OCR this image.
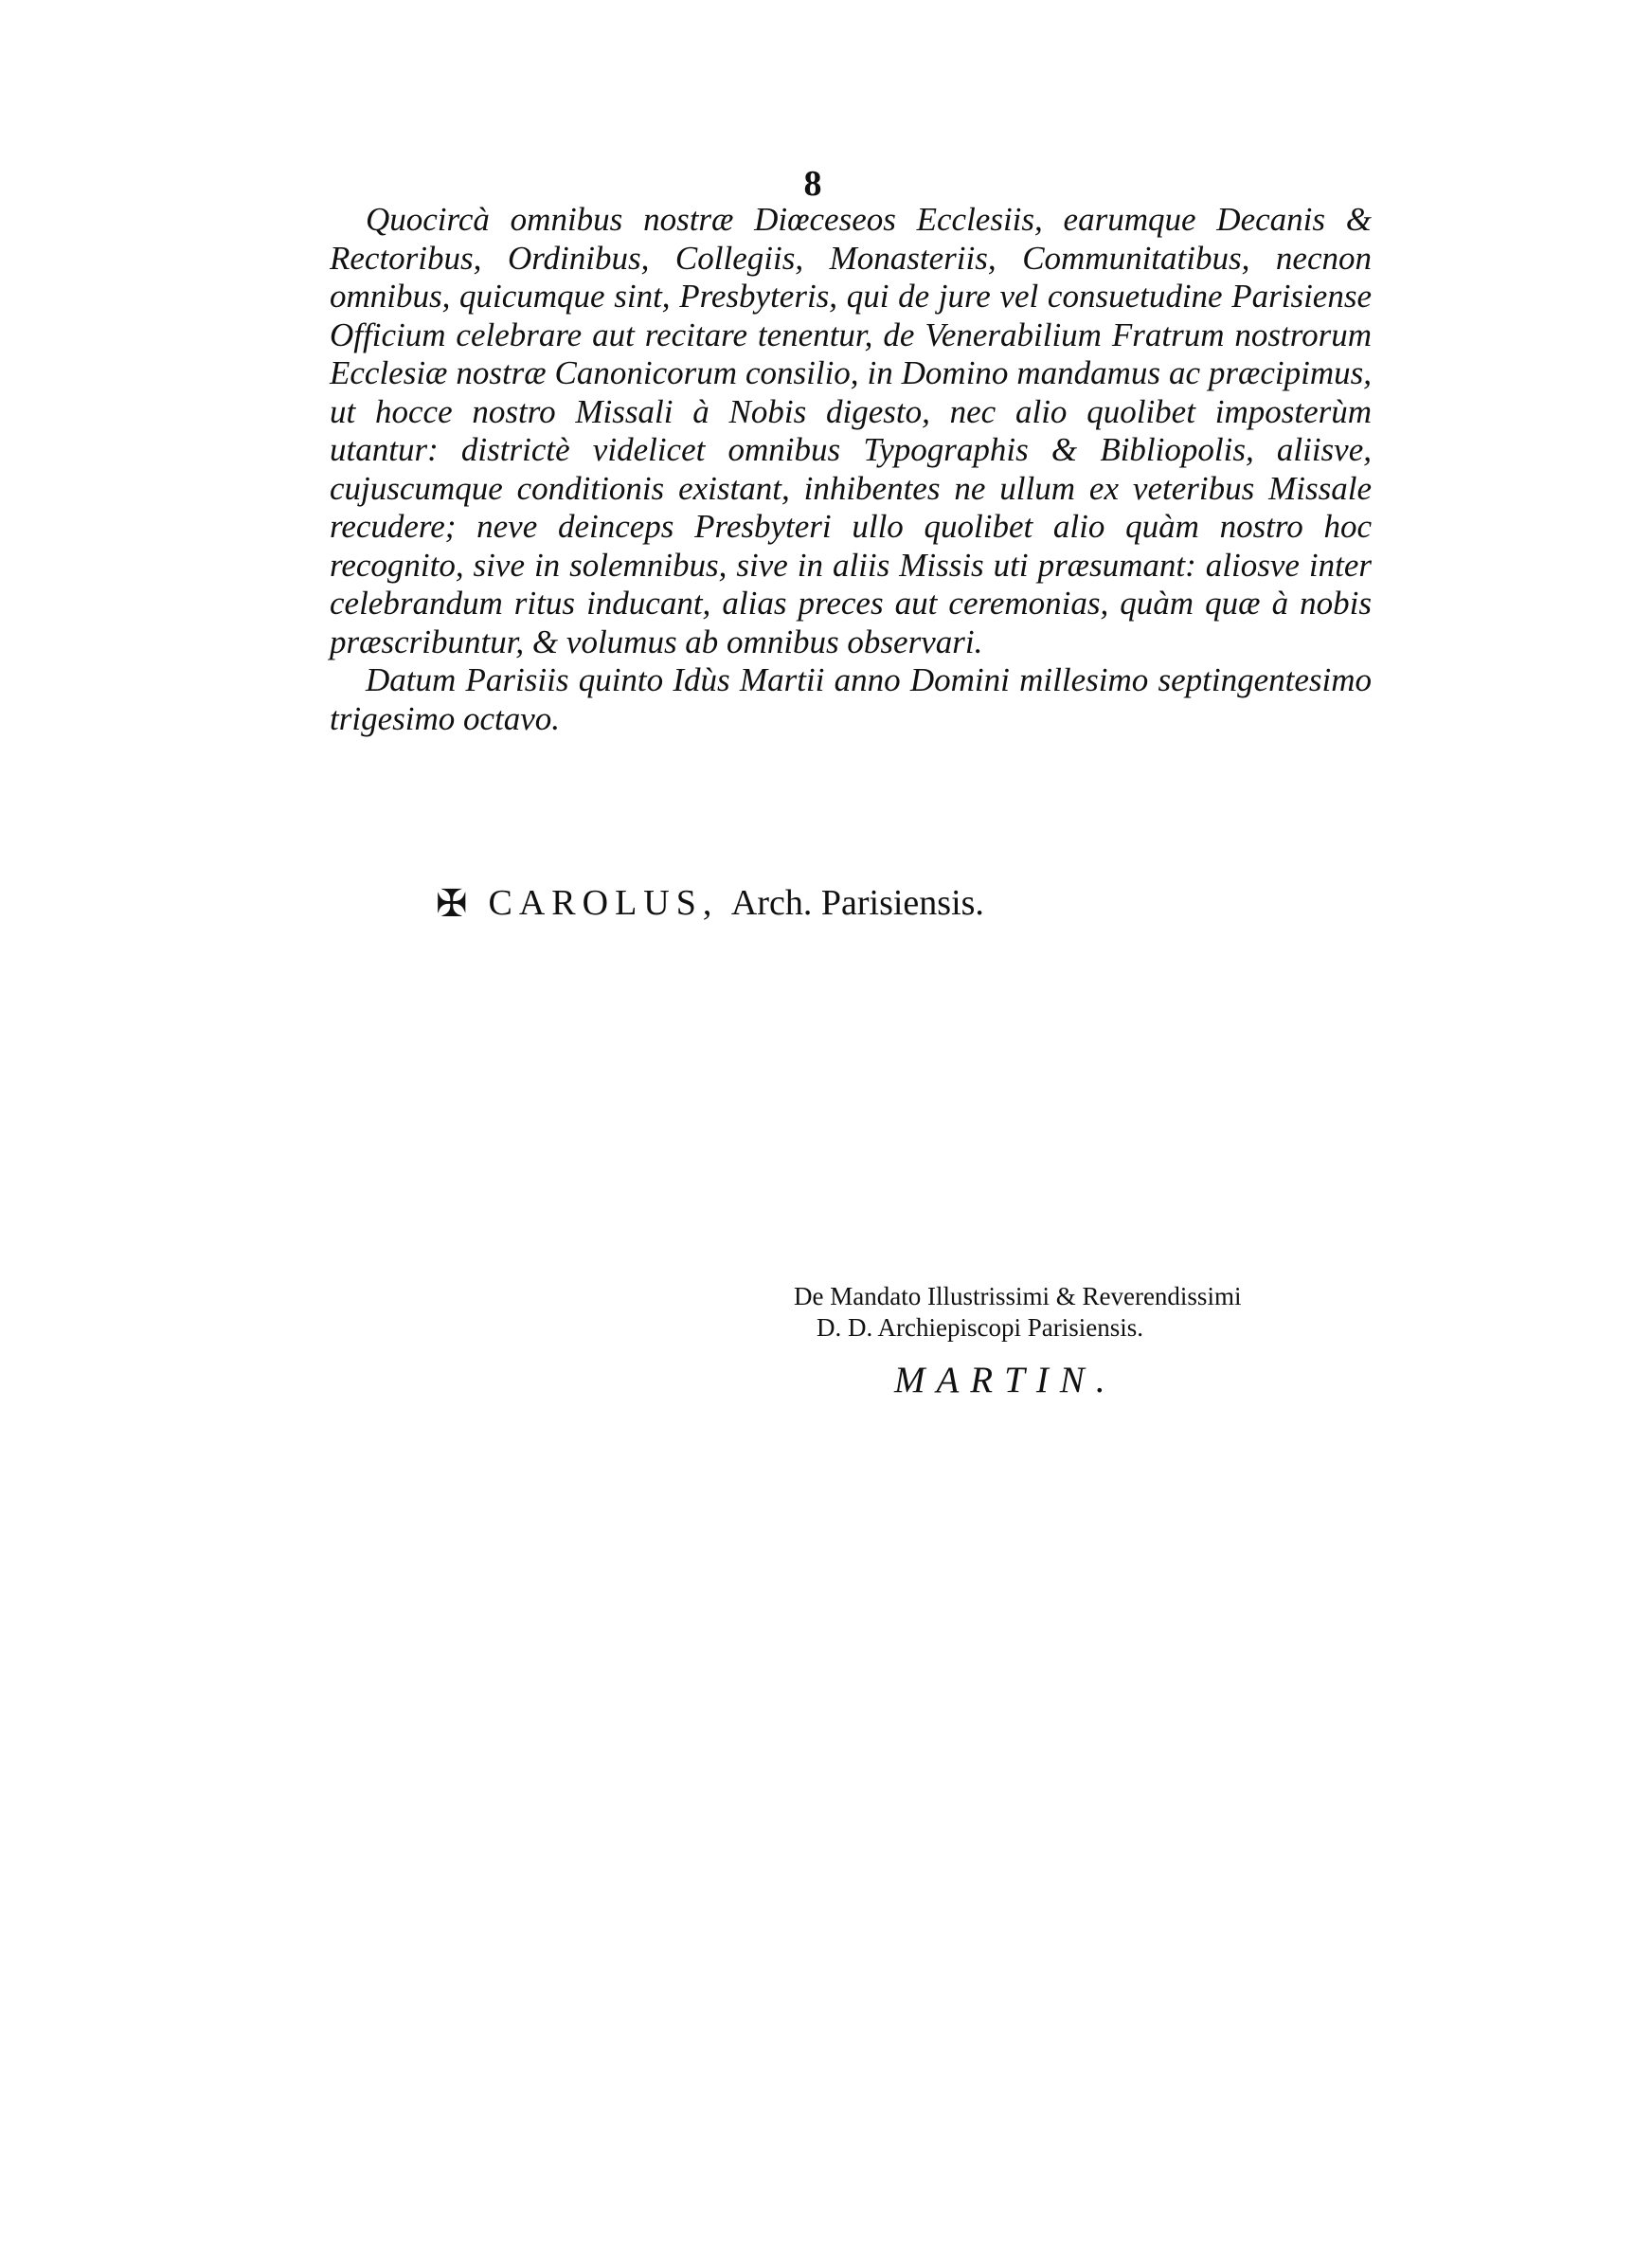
8

Quocircà omnibus nostræ Diœceseos Ecclesiis, earumque Decanis & Rectoribus, Ordinibus, Collegiis, Monasteriis, Communitatibus, necnon omnibus, quicumque sint, Presbyteris, qui de jure vel consuetudine Parisiense Officium celebrare aut recitare tenentur, de Venerabilium Fratrum nostrorum Ecclesiæ nostræ Canonicorum consilio, in Domino mandamus ac præcipimus, ut hocce nostro Missali à Nobis digesto, nec alio quolibet imposterùm utantur: districtè videlicet omnibus Typographis & Bibliopolis, aliisve, cujuscumque conditionis existant, inhibentes ne ullum ex veteribus Missale recudere; neve deinceps Presbyteri ullo quolibet alio quàm nostro hoc recognito, sive in solemnibus, sive in aliis Missis uti præsumant: aliosve inter celebrandum ritus inducant, alias preces aut ceremonias, quàm quæ à nobis præscribuntur, & volumus ab omnibus observari.

Datum Parisiis quinto Idùs Martii anno Domini millesimo septingentesimo trigesimo octavo.

✠ CAROLUS, Arch. Parisiensis.
De Mandato Illustrissimi & Reverendissimi
D. D. Archiepiscopi Parisiensis.
MARTIN.
